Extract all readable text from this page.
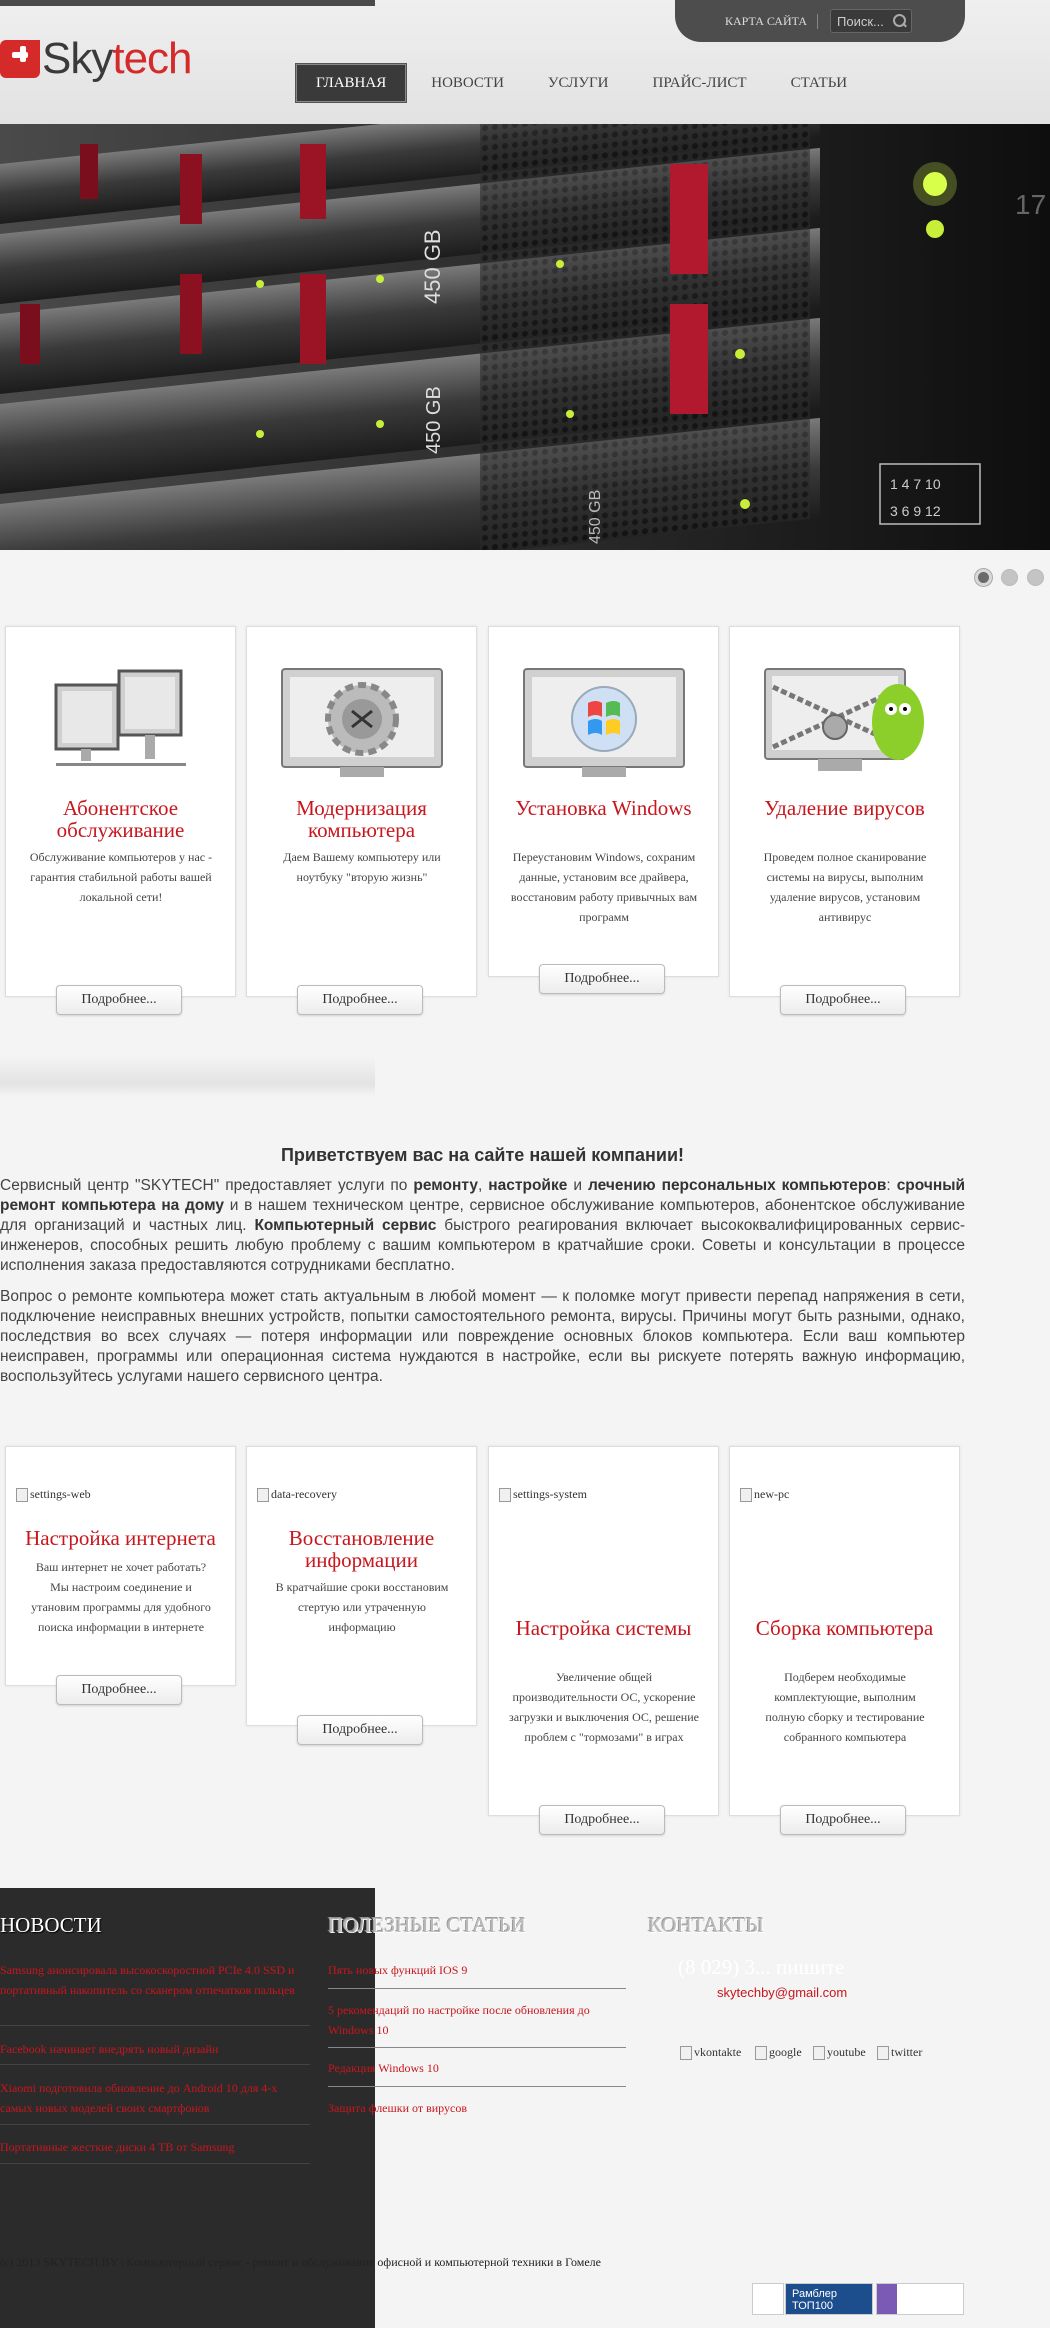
Skytech
КАРТА САЙТА	Поиск...
ГЛАВНАЯ	НОВОСТИ	УСЛУГИ	ПРАЙС-ЛИСТ	СТАТЬИ
450 GB
450 GB
450 GB
1 4 7 10
3 6 9 12
17
Абонентское обслуживание
Обслуживание компьютеров у нас - гарантия стабильной работы вашей локальной сети!
Подробнее...
Модернизация компьютера
Даем Вашему компьютеру или ноутбуку "вторую жизнь"
Подробнее...
Установка Windows
Переустановим Windows, сохраним данные, установим все драйвера, восстановим работу привычных вам программ
Подробнее...
Удаление вирусов
Проведем полное сканирование системы на вирусы, выполним удаление вирусов, установим антивирус
Подробнее...
Приветствуем вас на сайте нашей компании!

Сервисный центр "SKYTECH" предоставляет услуги по ремонту, настройке и лечению персональных компьютеров: срочный ремонт компьютера на дому и в нашем техническом центре, сервисное обслуживание компьютеров, абонентское обслуживание для организаций и частных лиц. Компьютерный сервис быстрого реагирования включает высококвалифицированных сервис-инженеров, способных решить любую проблему с вашим компьютером в кратчайшие сроки. Советы и консультации в процессе исполнения заказа предоставляются сотрудниками бесплатно.

Вопрос о ремонте компьютера может стать актуальным в любой момент — к поломке могут привести перепад напряжения в сети, подключение неисправных внешних устройств, попытки самостоятельного ремонта, вирусы. Причины могут быть разными, однако, последствия во всех случаях — потеря информации или повреждение основных блоков компьютера. Если ваш компьютер неисправен, программы или операционная система нуждаются в настройке, если вы рискуете потерять важную информацию, воспользуйтесь услугами нашего сервисного центра.

settings-web
Настройка интернета
Ваш интернет не хочет работать? Мы настроим соединение и утановим программы для удобного поиска информации в интернете
Подробнее...
data-recovery
Восстановление информации
В кратчайшие сроки восстановим стертую или утраченную информацию
Подробнее...
settings-system
Настройка системы
Увеличение общей производительности ОС, ускорение загрузки и выключения ОС, решение проблем с "тормозами" в играх
Подробнее...
new-pc
Сборка компьютера
Подберем необходимые комплектующие, выполним полную сборку и тестирование собранного компьютера
Подробнее...
НОВОСТИ
Samsung анонсировала высокоскоростной PCIe 4.0 SSD и портативный накопитель со сканером отпечатков пальцев
Facebook начинает внедрять новый дизайн
Xiaomi подготовила обновление до Android 10 для 4-х самых новых моделей своих смартфонов
Портативные жесткие диски 4 TB от Samsung
ПОЛЕЗНЫЕ СТАТЬИ
Пять новых функций IOS 9
5 рекомендаций по настройке после обновления до Windows 10
Редакция Windows 10
Защита флешки от вирусов
КОНТАКТЫ
(8 029) 3... пишите
skytechby@gmail.com
vkontakte	google	youtube	twitter
(c) 2013 SKYTECH.BY | Компьютерный сервис - ремонт и обслуживание офисной и компьютерной техники в Гомеле
Рамблер ТОП100
